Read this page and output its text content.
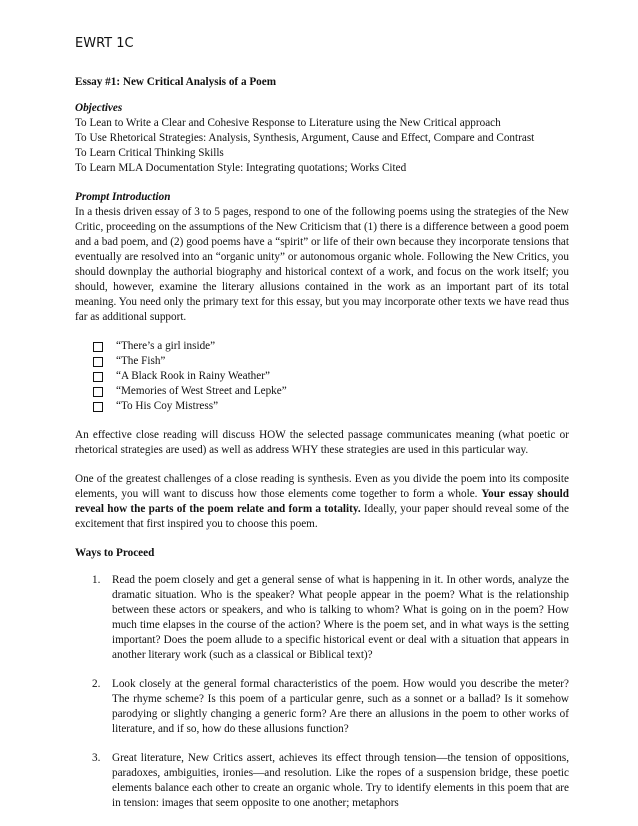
EWRT 1C

Essay #1: New Critical Analysis of a Poem

Objectives

To Lean to Write a Clear and Cohesive Response to Literature using the New Critical approach

To Use Rhetorical Strategies: Analysis, Synthesis, Argument, Cause and Effect, Compare and Contrast

To Learn Critical Thinking Skills

To Learn MLA Documentation Style: Integrating quotations; Works Cited

Prompt Introduction

In a thesis driven essay of 3 to 5 pages, respond to one of the following poems using the strategies of the New Critic, proceeding on the assumptions of the New Criticism that (1) there is a difference between a good poem and a bad poem, and (2) good poems have a “spirit” or life of their own because they incorporate tensions that eventually are resolved into an “organic unity” or autonomous organic whole. Following the New Critics, you should downplay the authorial biography and historical context of a work, and focus on the work itself; you should, however, examine the literary allusions contained in the work as an important part of its total meaning. You need only the primary text for this essay, but you may incorporate other texts we have read thus far as additional support.

“There’s a girl inside”
“The Fish”
“A Black Rook in Rainy Weather”
“Memories of West Street and Lepke”
“To His Coy Mistress”

An effective close reading will discuss HOW the selected passage communicates meaning (what poetic or rhetorical strategies are used) as well as address WHY these strategies are used in this particular way.

One of the greatest challenges of a close reading is synthesis. Even as you divide the poem into its composite elements, you will want to discuss how those elements come together to form a whole. Your essay should reveal how the parts of the poem relate and form a totality. Ideally, your paper should reveal some of the excitement that first inspired you to choose this poem.

Ways to Proceed

1. Read the poem closely and get a general sense of what is happening in it. In other words, analyze the dramatic situation. Who is the speaker? What people appear in the poem? What is the relationship between these actors or speakers, and who is talking to whom? What is going on in the poem? How much time elapses in the course of the action? Where is the poem set, and in what ways is the setting important? Does the poem allude to a specific historical event or deal with a situation that appears in another literary work (such as a classical or Biblical text)?
2. Look closely at the general formal characteristics of the poem. How would you describe the meter? The rhyme scheme? Is this poem of a particular genre, such as a sonnet or a ballad? Is it somehow parodying or slightly changing a generic form? Are there an allusions in the poem to other works of literature, and if so, how do these allusions function?
3. Great literature, New Critics assert, achieves its effect through tension—the tension of oppositions, paradoxes, ambiguities, ironies—and resolution. Like the ropes of a suspension bridge, these poetic elements balance each other to create an organic whole. Try to identify elements in this poem that are in tension: images that seem opposite to one another; metaphors
